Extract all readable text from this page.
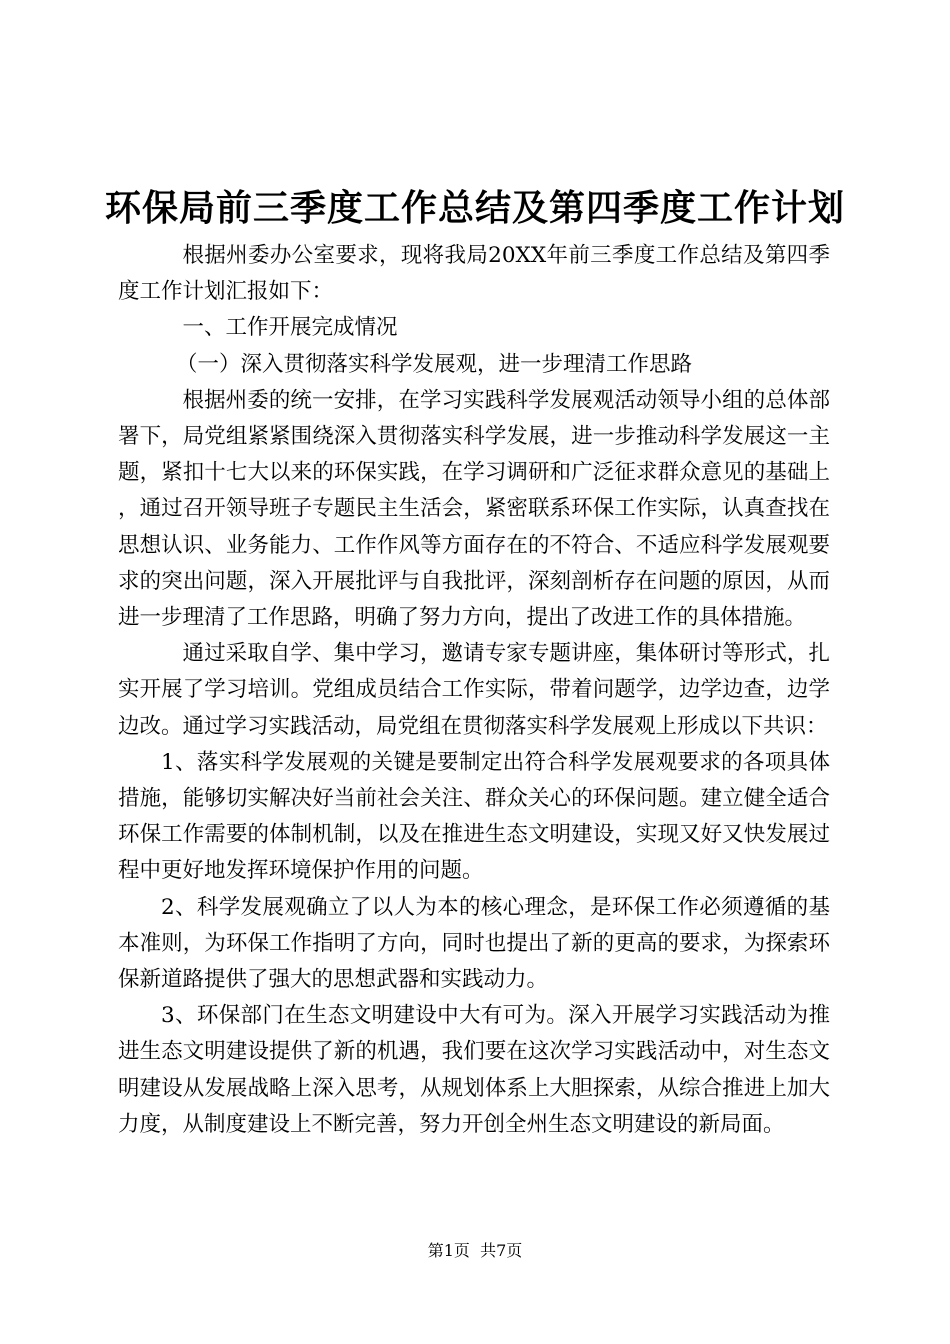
环保局前三季度工作总结及第四季度工作计划

根据州委办公室要求，现将我局20XX年前三季度工作总结及第四季度工作计划汇报如下：

一、工作开展完成情况

（一）深入贯彻落实科学发展观，进一步理清工作思路

根据州委的统一安排，在学习实践科学发展观活动领导小组的总体部署下，局党组紧紧围绕深入贯彻落实科学发展，进一步推动科学发展这一主题，紧扣十七大以来的环保实践，在学习调研和广泛征求群众意见的基础上，通过召开领导班子专题民主生活会，紧密联系环保工作实际，认真查找在思想认识、业务能力、工作作风等方面存在的不符合、不适应科学发展观要求的突出问题，深入开展批评与自我批评，深刻剖析存在问题的原因，从而进一步理清了工作思路，明确了努力方向，提出了改进工作的具体措施。

通过采取自学、集中学习，邀请专家专题讲座，集体研讨等形式，扎实开展了学习培训。党组成员结合工作实际，带着问题学，边学边查，边学边改。通过学习实践活动，局党组在贯彻落实科学发展观上形成以下共识：

1、落实科学发展观的关键是要制定出符合科学发展观要求的各项具体措施，能够切实解决好当前社会关注、群众关心的环保问题。建立健全适合环保工作需要的体制机制，以及在推进生态文明建设，实现又好又快发展过程中更好地发挥环境保护作用的问题。

2、科学发展观确立了以人为本的核心理念，是环保工作必须遵循的基本准则，为环保工作指明了方向，同时也提出了新的更高的要求，为探索环保新道路提供了强大的思想武器和实践动力。

3、环保部门在生态文明建设中大有可为。深入开展学习实践活动为推进生态文明建设提供了新的机遇，我们要在这次学习实践活动中，对生态文明建设从发展战略上深入思考，从规划体系上大胆探索，从综合推进上加大力度，从制度建设上不断完善，努力开创全州生态文明建设的新局面。

第1页  共7页
